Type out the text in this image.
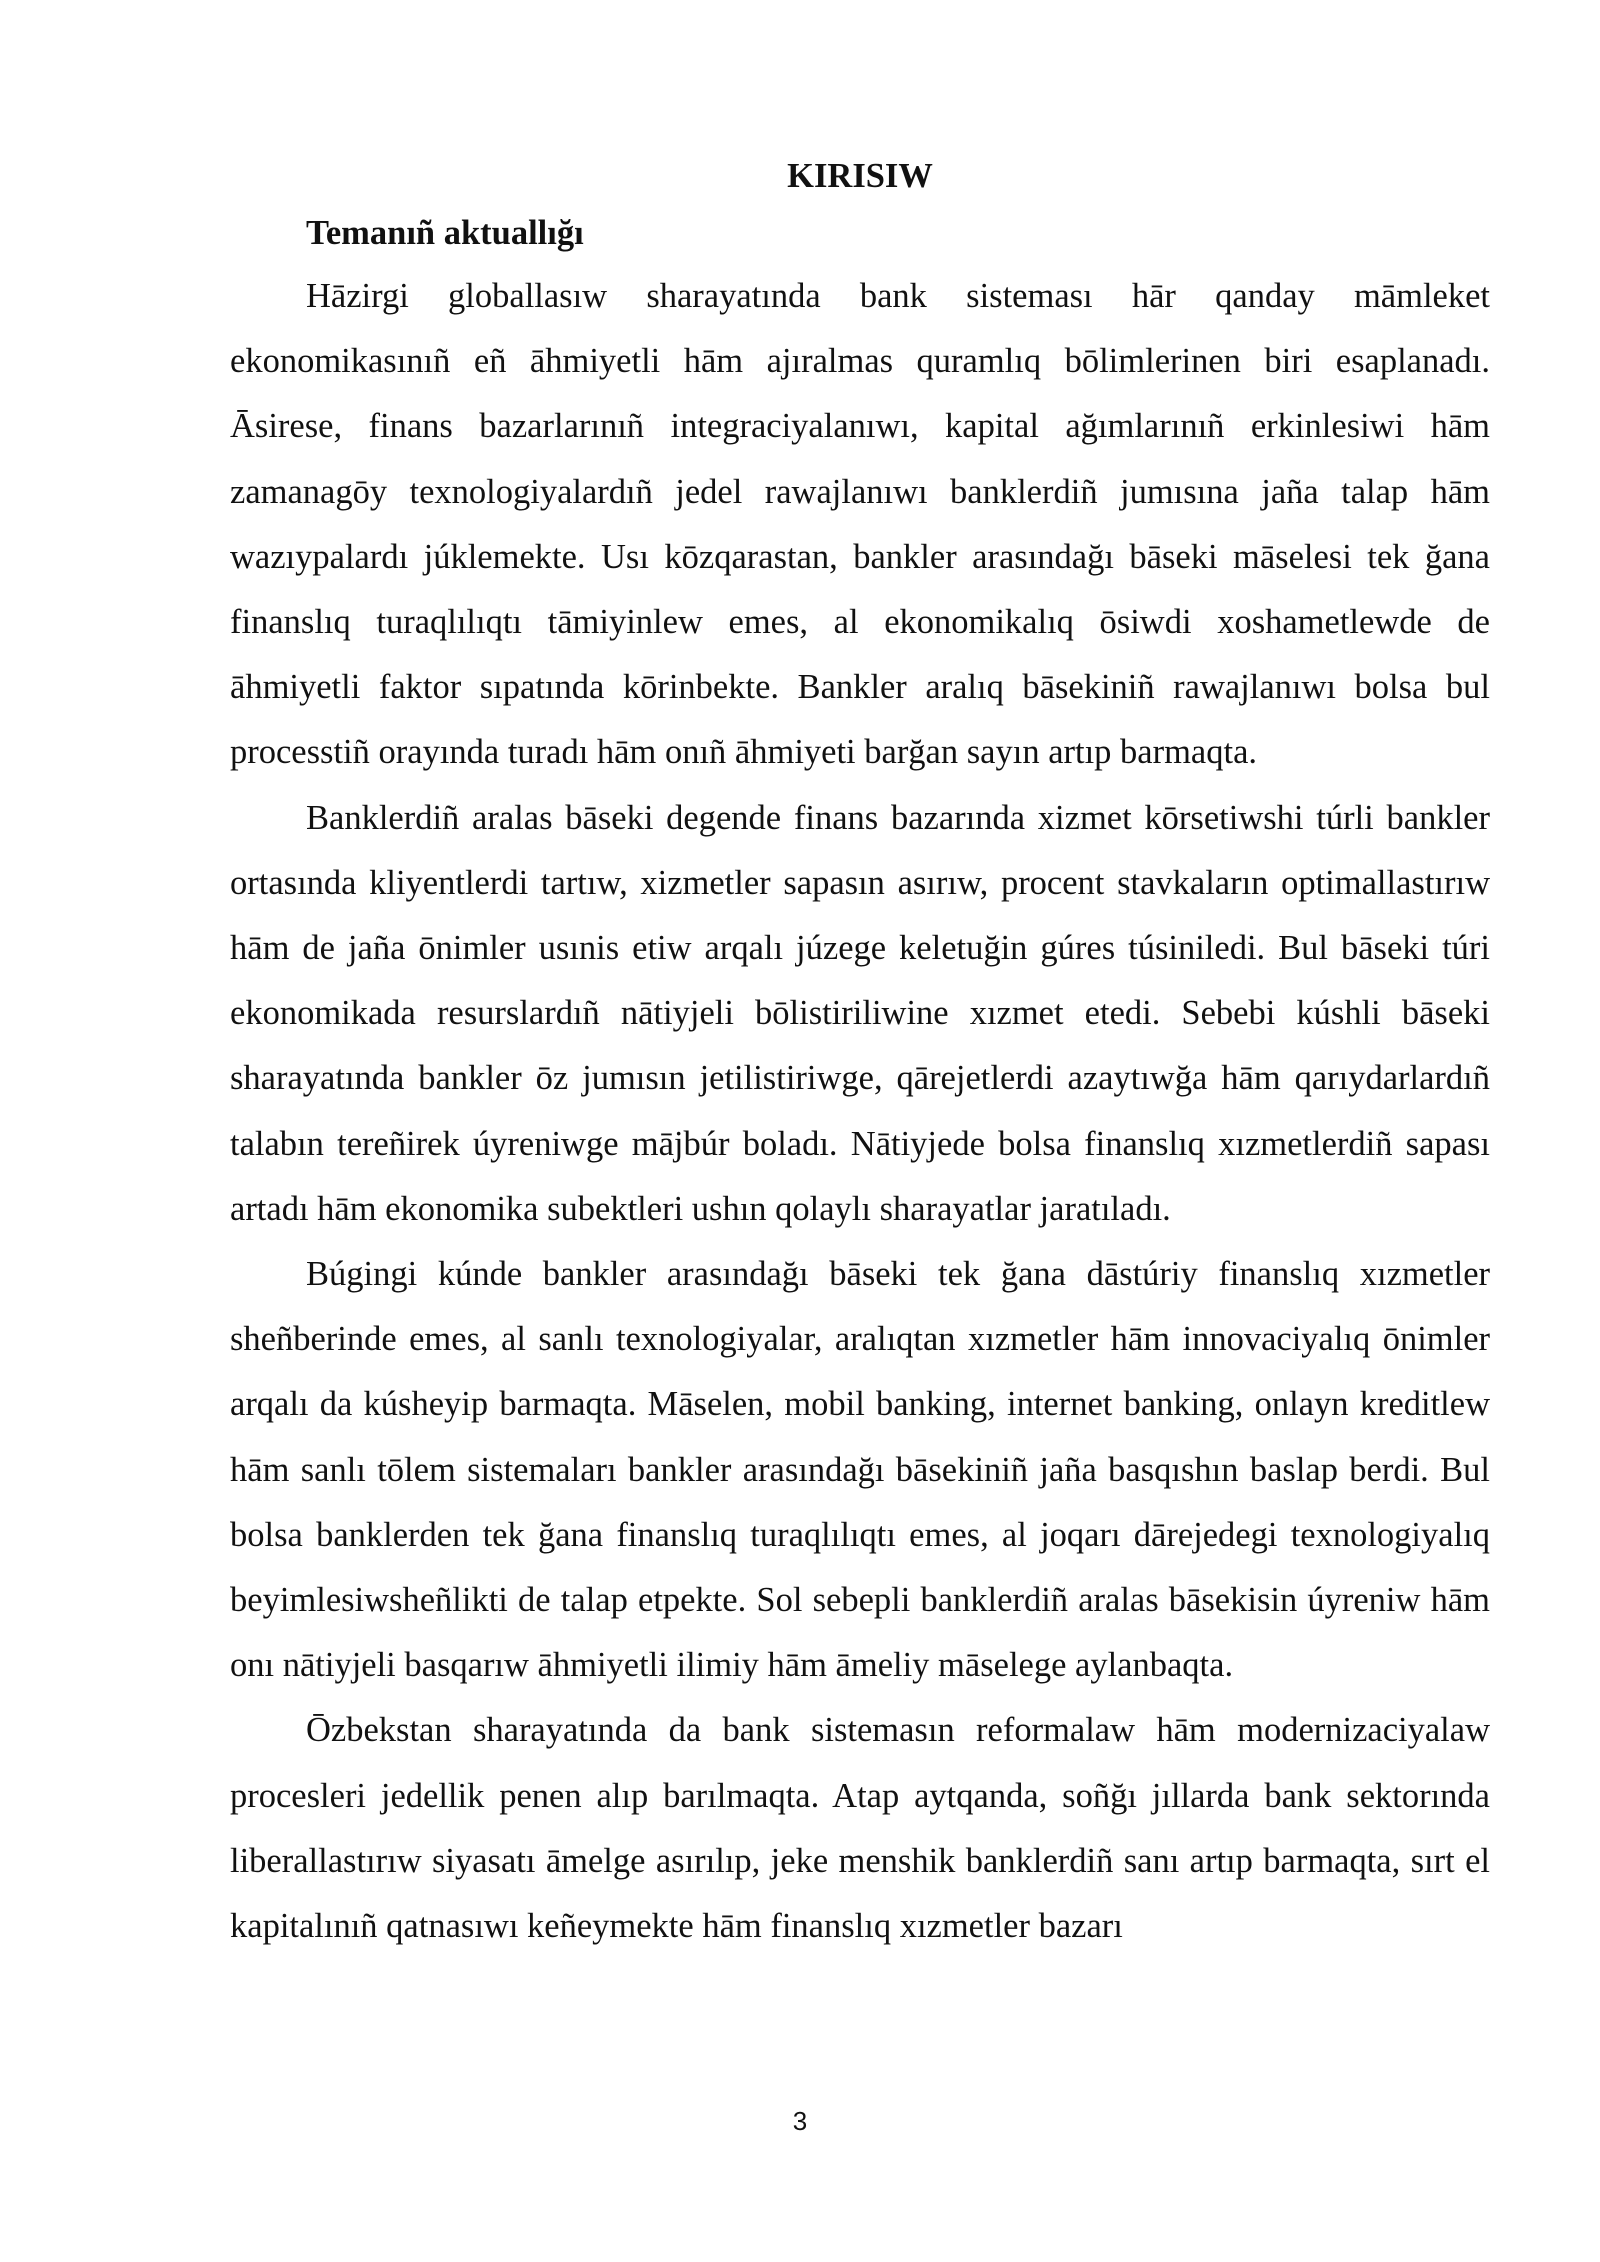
KIRISIW

Temanıñ aktuallığı

Hāzirgi globallasıw sharayatında bank sisteması hār qanday māmleket ekonomikasınıñ eñ āhmiyetli hām ajıralmas quramlıq bōlimlerinen biri esaplanadı. Āsirese, finans bazarlarınıñ integraciyalanıwı, kapital ağımlarınıñ erkinlesiwi hām zamanagōy texnologiyalardıñ jedel rawajlanıwı banklerdiñ jumısına jaña talap hām wazıypalardı júklemekte. Usı kōzqarastan, bankler arasındağı bāseki māselesi tek ğana finanslıq turaqlılıqtı tāmiyinlew emes, al ekonomikalıq ōsiwdi xoshametlewde de āhmiyetli faktor sıpatında kōrinbekte. Bankler aralıq bāsekiniñ rawajlanıwı bolsa bul processtiñ orayında turadı hām onıñ āhmiyeti barğan sayın artıp barmaqta.

Banklerdiñ aralas bāseki degende finans bazarında xizmet kōrsetiwshi túrli bankler ortasında kliyentlerdi tartıw, xizmetler sapasın asırıw, procent stavkaların optimallastırıw hām de jaña ōnimler usınis etiw arqalı júzege keletuğin gúres túsiniledi. Bul bāseki túri ekonomikada resurslardıñ nātiyjeli bōlistiriliwine xızmet etedi. Sebebi kúshli bāseki sharayatında bankler ōz jumısın jetilistiriwge, qārejetlerdi azaytıwğa hām qarıydarlardıñ talabın tereñirek úyreniwge mājbúr boladı. Nātiyjede bolsa finanslıq xızmetlerdiñ sapası artadı hām ekonomika subektleri ushın qolaylı sharayatlar jaratıladı.

Búgingi kúnde bankler arasındağı bāseki tek ğana dāstúriy finanslıq xızmetler sheñberinde emes, al sanlı texnologiyalar, aralıqtan xızmetler hām innovaciyalıq ōnimler arqalı da kúsheyip barmaqta. Māselen, mobil banking, internet banking, onlayn kreditlew hām sanlı tōlem sistemaları bankler arasındağı bāsekiniñ jaña basqıshın baslap berdi. Bul bolsa banklerden tek ğana finanslıq turaqlılıqtı emes, al joqarı dārejedegi texnologiyalıq beyimlesiwsheñlikti de talap etpekte. Sol sebepli banklerdiñ aralas bāsekisin úyreniw hām onı nātiyjeli basqarıw āhmiyetli ilimiy hām āmeliy māselege aylanbaqta.

Ōzbekstan sharayatında da bank sistemasın reformalaw hām modernizaciyalaw procesleri jedellik penen alıp barılmaqta. Atap aytqanda, soñğı jıllarda bank sektorında liberallastırıw siyasatı āmelge asırılıp, jeke menshik banklerdiñ sanı artıp barmaqta, sırt el kapitalınıñ qatnasıwı keñeymekte hām finanslıq xızmetler bazarı

3
